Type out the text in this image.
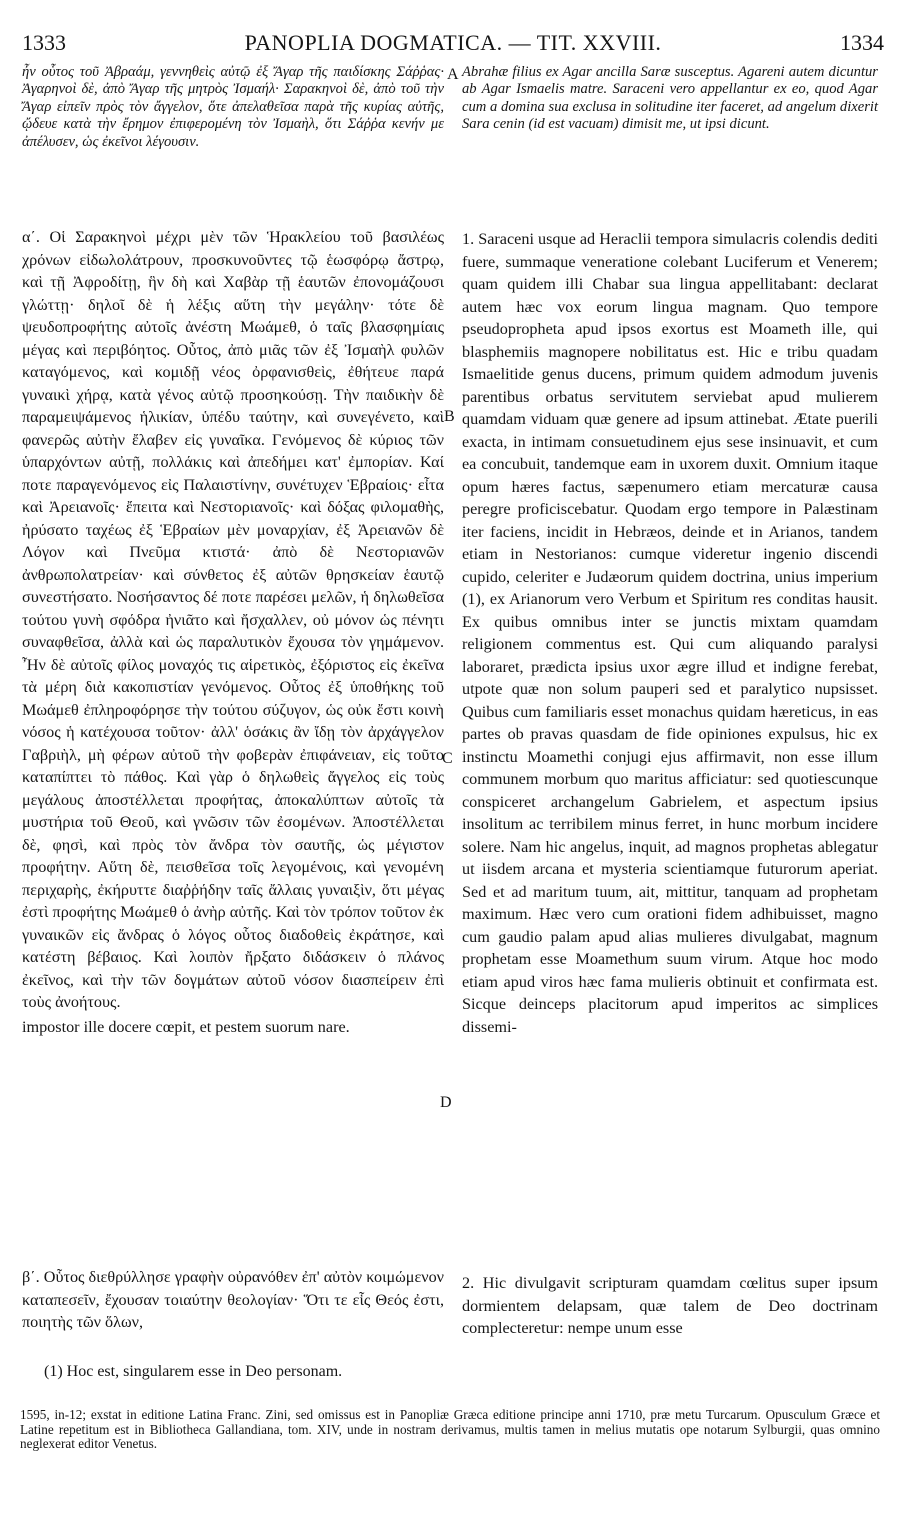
1333	PANOPLIA DOGMATICA. — TIT. XXVIII.	1334

ἦν οὗτος τοῦ Ἀβραάμ, γεννηθεὶς αὐτῷ ἐξ Ἄγαρ τῆς παιδίσκης Σάῤῥας· Ἀγαρηνοὶ δὲ, ἀπὸ Ἄγαρ τῆς μητρὸς Ἰσμαήλ· Σαρακηνοὶ δὲ, ἀπὸ τοῦ τὴν Ἄγαρ εἰπεῖν πρὸς τὸν ἄγγελον, ὅτε ἀπελαθεῖσα παρὰ τῆς κυρίας αὐτῆς, ᾤδευε κατὰ τὴν ἔρημον ἐπιφερομένη τὸν Ἰσμαὴλ, ὅτι Σάῤῥα κενήν με ἀπέλυσεν, ὡς ἐκεῖνοι λέγουσιν.

Abrahæ filius ex Agar ancilla Saræ susceptus. Agareni autem dicuntur ab Agar Ismaelis matre. Saraceni vero appellantur ex eo, quod Agar cum a domina sua exclusa in solitudine iter faceret, ad angelum dixerit Sara cenin (id est vacuam) dimisit me, ut ipsi dicunt.

α΄. Οἱ Σαρακηνοὶ μέχρι μὲν τῶν Ἡρακλείου τοῦ βασιλέως χρόνων εἰδωλολάτρουν, προσκυνοῦντες τῷ ἑωσφόρῳ ἄστρῳ, καὶ τῇ Ἀφροδίτῃ, ἣν δὴ καὶ Χαβὰρ τῇ ἑαυτῶν ἐπονομάζουσι γλώττῃ· δηλοῖ δὲ ἡ λέξις αὕτη τὴν μεγάλην· τότε δὲ ψευδοπροφήτης αὐτοῖς ἀνέστη Μωάμεθ, ὁ ταῖς βλασφημίαις μέγας καὶ περιβόητος. Οὗτος, ἀπὸ μιᾶς τῶν ἐξ Ἰσμαὴλ φυλῶν καταγόμενος, καὶ κομιδῇ νέος ὀρφανισθεὶς, ἐθήτευε παρά γυναικὶ χήρᾳ, κατὰ γένος αὐτῷ προσηκούσῃ. Τὴν παιδικὴν δὲ παραμειψάμενος ἡλικίαν, ὑπέδυ ταύτην, καὶ συνεγένετο, καὶ φανερῶς αὐτὴν ἔλαβεν εἰς γυναῖκα. Γενόμενος δὲ κύριος τῶν ὑπαρχόντων αὐτῇ, πολλάκις καὶ ἀπεδήμει κατ' ἐμπορίαν. Καί ποτε παραγενόμενος εἰς Παλαιστίνην, συνέτυχεν Ἑβραίοις· εἶτα καὶ Ἀρειανοῖς· ἔπειτα καὶ Νεστοριανοῖς· καὶ δόξας φιλομαθὴς, ἠρύσατο ταχέως ἐξ Ἑβραίων μὲν μοναρχίαν, ἐξ Ἀρειανῶν δὲ Λόγον καὶ Πνεῦμα κτιστά· ἀπὸ δὲ Νεστοριανῶν ἀνθρωπολατρείαν· καὶ σύνθετος ἐξ αὐτῶν θρησκείαν ἑαυτῷ συνεστήσατο. Νοσήσαντος δέ ποτε παρέσει μελῶν, ἡ δηλωθεῖσα τούτου γυνὴ σφόδρα ἠνιᾶτο καὶ ἤσχαλλεν, οὐ μόνον ὡς πένητι συναφθεῖσα, ἀλλὰ καὶ ὡς παραλυτικὸν ἔχουσα τὸν γημάμενον. Ἦν δὲ αὐτοῖς φίλος μοναχός τις αἱρετικὸς, ἐξόριστος εἰς ἐκεῖνα τὰ μέρη διὰ κακοπιστίαν γενόμενος. Οὗτος ἐξ ὑποθήκης τοῦ Μωάμεθ ἐπληροφόρησε τὴν τούτου σύζυγον, ὡς οὐκ ἔστι κοινὴ νόσος ἡ κατέχουσα τοῦτον· ἀλλ' ὁσάκις ἂν ἴδῃ τὸν ἀρχάγγελον Γαβριὴλ, μὴ φέρων αὐτοῦ τὴν φοβερὰν ἐπιφάνειαν, εἰς τοῦτο καταπίπτει τὸ πάθος. Καὶ γὰρ ὁ δηλωθεὶς ἄγγελος εἰς τοὺς μεγάλους ἀποστέλλεται προφήτας, ἀποκαλύπτων αὐτοῖς τὰ μυστήρια τοῦ Θεοῦ, καὶ γνῶσιν τῶν ἐσομένων. Ἀποστέλλεται δὲ, φησὶ, καὶ πρὸς τὸν ἄνδρα τὸν σαυτῆς, ὡς μέγιστον προφήτην. Αὕτη δὲ, πεισθεῖσα τοῖς λεγομένοις, καὶ γενομένη περιχαρὴς, ἐκήρυττε διαῤῥήδην ταῖς ἄλλαις γυναιξὶν, ὅτι μέγας ἐστὶ προφήτης Μωάμεθ ὁ ἀνὴρ αὐτῆς. Καὶ τὸν τρόπον τοῦτον ἐκ γυναικῶν εἰς ἄνδρας ὁ λόγος οὗτος διαδοθεὶς ἐκράτησε, καὶ κατέστη βέβαιος. Καὶ λοιπὸν ἤρξατο διδάσκειν ὁ πλάνος ἐκεῖνος, καὶ τὴν τῶν δογμάτων αὐτοῦ νόσον διασπείρειν ἐπὶ τοὺς ἀνοήτους.

impostor ille docere cœpit, et pestem suorum nare.

1. Saraceni usque ad Heraclii tempora simulacris colendis dediti fuere, summaque veneratione colebant Luciferum et Venerem; quam quidem illi Chabar sua lingua appellitabant: declarat autem hæc vox eorum lingua magnam. Quo tempore pseudopropheta apud ipsos exortus est Moameth ille, qui blasphemiis magnopere nobilitatus est. Hic e tribu quadam Ismaelitide genus ducens, primum quidem admodum juvenis parentibus orbatus servitutem serviebat apud mulierem quamdam viduam quæ genere ad ipsum attinebat. Ætate puerili exacta, in intimam consuetudinem ejus sese insinuavit, et cum ea concubuit, tandemque eam in uxorem duxit. Omnium itaque opum hæres factus, sæpenumero etiam mercaturæ causa peregre proficiscebatur. Quodam ergo tempore in Palæstinam iter faciens, incidit in Hebræos, deinde et in Arianos, tandem etiam in Nestorianos: cumque videretur ingenio discendi cupido, celeriter e Judæorum quidem doctrina, unius imperium (1), ex Arianorum vero Verbum et Spiritum res conditas hausit. Ex quibus omnibus inter se junctis mixtam quamdam religionem commentus est. Qui cum aliquando paralysi laboraret, prædicta ipsius uxor ægre illud et indigne ferebat, utpote quæ non solum pauperi sed et paralytico nupsisset. Quibus cum familiaris esset monachus quidam hæreticus, in eas partes ob pravas quasdam de fide opiniones expulsus, hic ex instinctu Moamethi conjugi ejus affirmavit, non esse illum communem morbum quo maritus afficiatur: sed quotiescunque conspiceret archangelum Gabrielem, et aspectum ipsius insolitum ac terribilem minus ferret, in hunc morbum incidere solere. Nam hic angelus, inquit, ad magnos prophetas ablegatur ut iisdem arcana et mysteria scientiamque futurorum aperiat. Sed et ad maritum tuum, ait, mittitur, tanquam ad prophetam maximum. Hæc vero cum orationi fidem adhibuisset, magno cum gaudio palam apud alias mulieres divulgabat, magnum prophetam esse Moamethum suum virum. Atque hoc modo etiam apud viros hæc fama mulieris obtinuit et confirmata est. Sicque deinceps placitorum apud imperitos ac simplices dissemi-

β΄. Οὗτος διεθρύλλησε γραφὴν οὐρανόθεν ἐπ' αὐτὸν κοιμώμενον καταπεσεῖν, ἔχουσαν τοιαύτην θεολογίαν· Ὅτι τε εἷς Θεός ἐστι, ποιητὴς τῶν ὅλων,

2. Hic divulgavit scripturam quamdam cœlitus super ipsum dormientem delapsam, quæ talem de Deo doctrinam complecteretur: nempe unum esse

A
B
C
D
(1) Hoc est, singularem esse in Deo personam.
1595, in-12; exstat in editione Latina Franc. Zini, sed omissus est in Panopliæ Græca editione principe anni 1710, præ metu Turcarum. Opusculum Græce et Latine repetitum est in Bibliotheca Gallandiana, tom. XIV, unde in nostram derivamus, multis tamen in melius mutatis ope notarum Sylburgii, quas omnino neglexerat editor Venetus.
